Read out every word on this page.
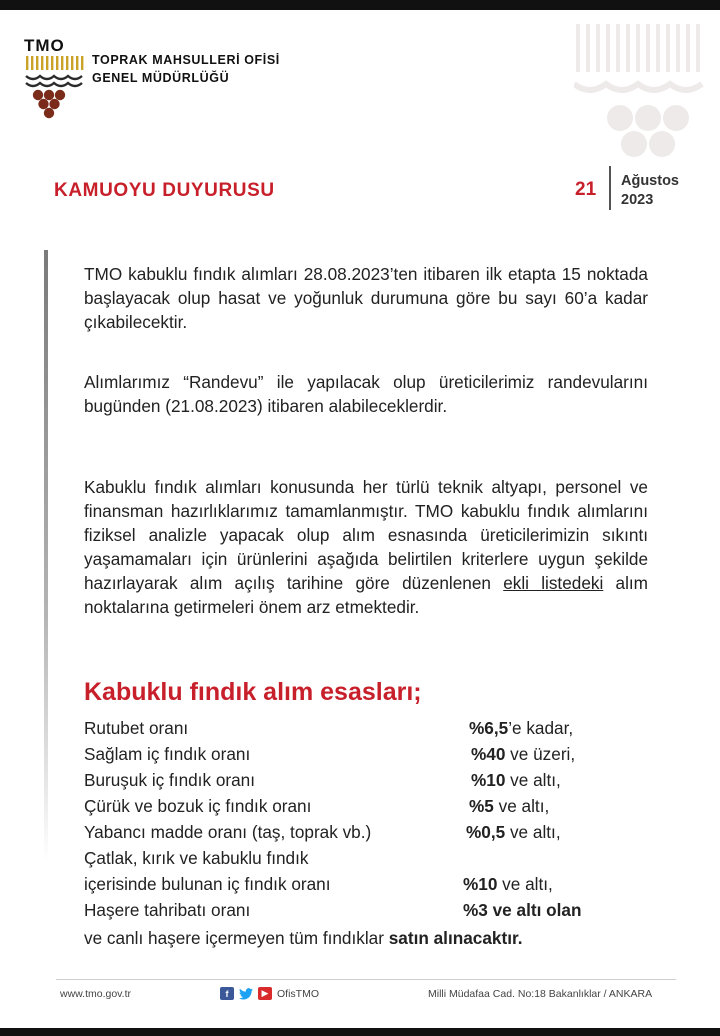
TMO
TOPRAK MAHSULLERİ OFİSİ
GENEL MÜDÜRLÜĞÜ
KAMUOYU DUYURUSU	21 Ağustos
2023
TMO kabuklu fındık alımları 28.08.2023’ten itibaren ilk etapta 15 noktada başlayacak olup hasat ve yoğunluk durumuna göre bu sayı 60’a kadar çıkabilecektir.
Alımlarımız “Randevu” ile yapılacak olup üreticilerimiz randevularını bugünden (21.08.2023) itibaren alabileceklerdir.
Kabuklu fındık alımları konusunda her türlü teknik altyapı, personel ve finansman hazırlıklarımız tamamlanmıştır. TMO kabuklu fındık alımlarını fiziksel analizle yapacak olup alım esnasında üreticilerimizin sıkıntı yaşamamaları için ürünlerini aşağıda belirtilen kriterlere uygun şekilde hazırlayarak alım açılış tarihine göre düzenlenen ekli listedeki alım noktalarına getirmeleri önem arz etmektedir.
Kabuklu fındık alım esasları;
Rutubet oranı	%6,5’e kadar,
Sağlam iç fındık oranı	%40 ve üzeri,
Buruşuk iç fındık oranı	%10 ve altı,
Çürük ve bozuk iç fındık oranı	%5 ve altı,
Yabancı madde oranı (taş, toprak vb.)	%0,5 ve altı,
Çatlak, kırık ve kabuklu fındık
içerisinde bulunan iç fındık oranı	%10 ve altı,
Haşere tahribatı oranı	%3 ve altı olan
ve canlı haşere içermeyen tüm fındıklar satın alınacaktır.
www.tmo.gov.tr	f	▶ OfisTMO	Milli Müdafaa Cad. No:18 Bakanlıklar / ANKARA
